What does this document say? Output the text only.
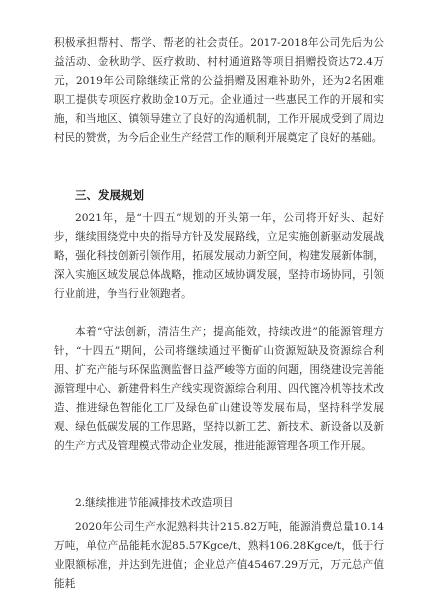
积极承担帮村、帮学、帮老的社会责任。2017-2018年公司先后为公益活动、金秋助学、医疗救助、村村通道路等项目捐赠投资达72.4万元，2019年公司除继续正常的公益捐赠及困难补助外，还为2名困难职工提供专项医疗救助金10万元。企业通过一些惠民工作的开展和实施，和当地区、镇领导建立了良好的沟通机制，工作开展成受到了周边村民的赞赏，为今后企业生产经营工作的顺利开展奠定了良好的基础。

三、发展规划

2021年，是“十四五”规划的开头第一年，公司将开好头、起好步，继续围绕党中央的指导方针及发展路线，立足实施创新驱动发展战略，强化科技创新引领作用，拓展发展动力新空间，构建发展新体制，深入实施区域发展总体战略，推动区域协调发展，坚持市场协同，引领行业前进，争当行业领跑者。

本着“守法创新，清洁生产；提高能效，持续改进”的能源管理方针，“十四五”期间，公司将继续通过平衡矿山资源短缺及资源综合利用、扩充产能与环保监测监督日益严峻等方面的问题，围绕建设完善能源管理中心、新建骨料生产线实现资源综合利用、四代篦冷机等技术改造、推进绿色智能化工厂及绿色矿山建设等发展布局，坚持科学发展观、绿色低碳发展的工作思路，坚持以新工艺、新技术、新设备以及新的生产方式及管理模式带动企业发展，推进能源管理各项工作开展。

2.继续推进节能减排技术改造项目

2020年公司生产水泥熟料共计215.82万吨，能源消费总量10.14万吨，单位产品能耗水泥85.57Kgce/t、熟料106.28Kgce/t，低于行业限额标准，并达到先进值；企业总产值45467.29万元，万元总产值能耗
